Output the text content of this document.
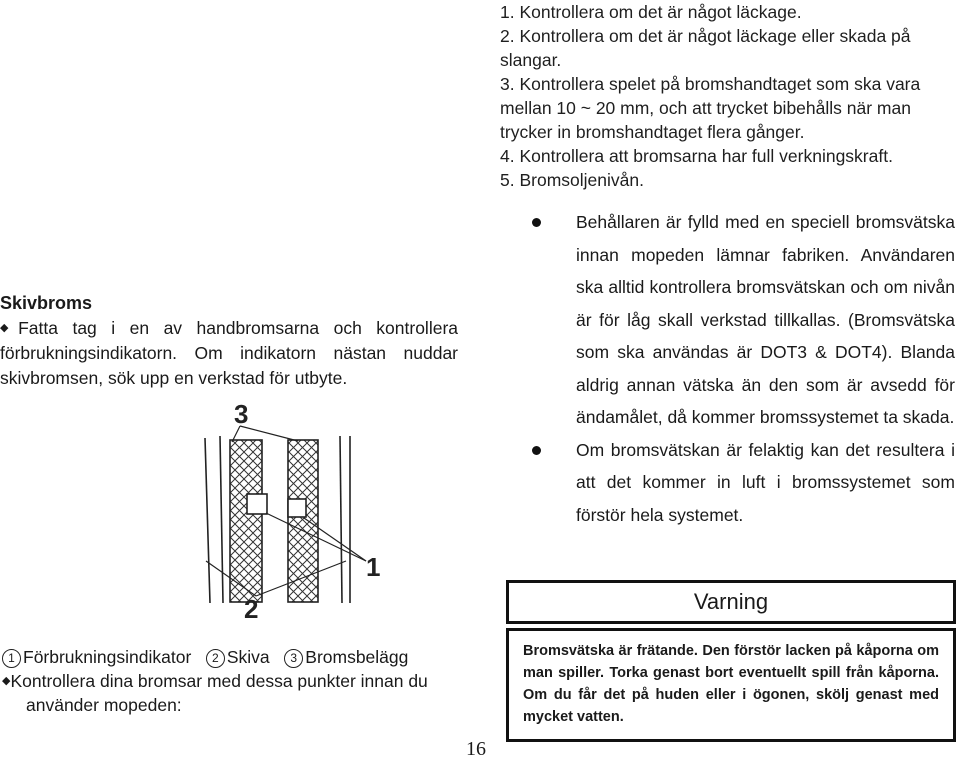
1. Kontrollera om det är något läckage.
2. Kontrollera om det är något läckage eller skada på
slangar.
3. Kontrollera spelet på bromshandtaget som ska vara
mellan 10 ~ 20 mm, och att trycket bibehålls när man
trycker in bromshandtaget flera gånger.
4. Kontrollera att bromsarna har full verkningskraft.
5. Bromsoljenivån.
Behållaren är fylld med en speciell bromsvätska innan mopeden lämnar fabriken. Användaren ska alltid kontrollera bromsvätskan och om nivån är för låg skall verkstad tillkallas. (Bromsvätska som ska användas är DOT3 & DOT4). Blanda aldrig annan vätska än den som är avsedd för ändamålet, då kommer bromssystemet ta skada.
Om bromsvätskan är felaktig kan det resultera i att det kommer in luft i bromssystemet som förstör hela systemet.
Skivbroms
◆Fatta tag i en av handbromsarna och kontrollera förbrukningsindikatorn. Om indikatorn nästan nuddar skivbromsen, sök upp en verkstad för utbyte.
3
1
2
1 Förbrukningsindikator 2 Skiva 3 Bromsbelägg
◆Kontrollera dina bromsar med dessa punkter innan du
använder mopeden:
16
Varning
Bromsvätska är frätande. Den förstör lacken på kåporna om man spiller. Torka genast bort eventuellt spill från kåporna. Om du får det på huden eller i ögonen, skölj genast med mycket vatten.
